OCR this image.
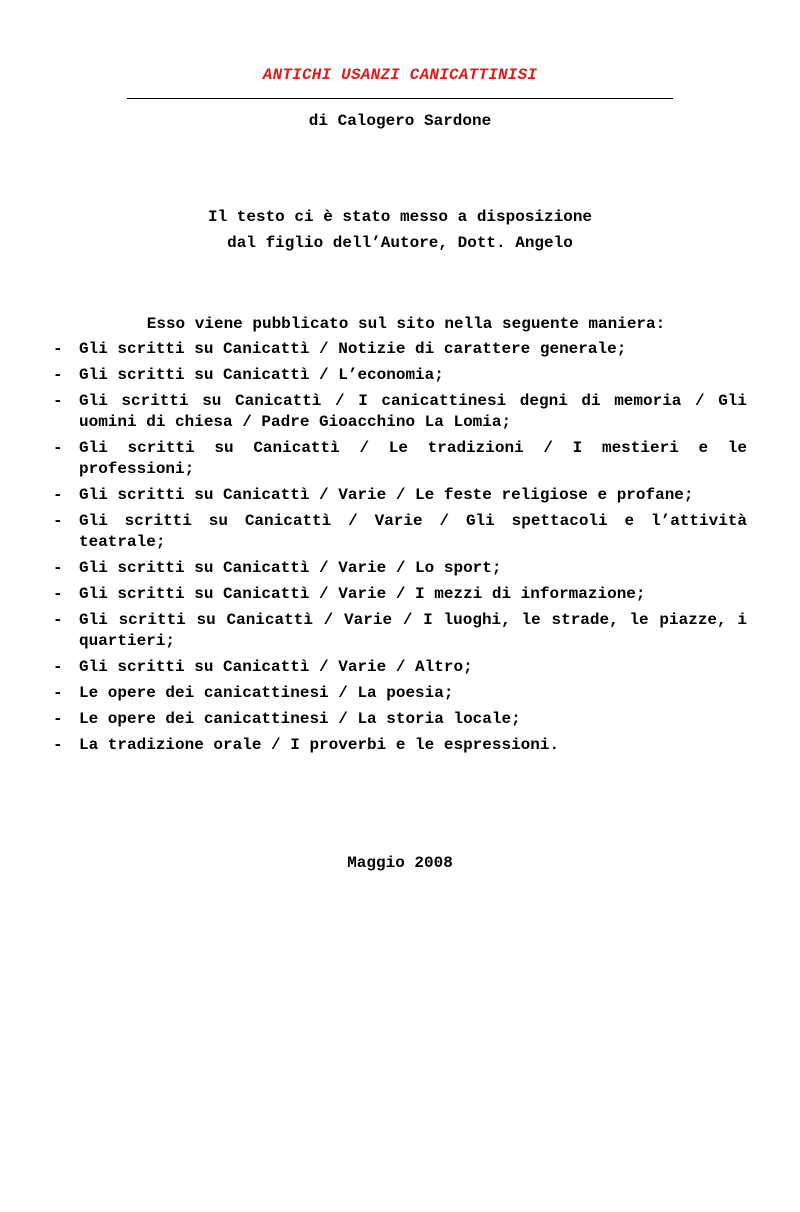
ANTICHI USANZI CANICATTINISI
di Calogero Sardone
Il testo ci è stato messo a disposizione
dal figlio dell’Autore, Dott. Angelo
Esso viene pubblicato sul sito nella seguente maniera:
- Gli scritti su Canicattì / Notizie di carattere generale;
- Gli scritti su Canicattì / L’economia;
- Gli scritti su Canicattì / I canicattinesi degni di memoria / Gli uomini di chiesa / Padre Gioacchino La Lomia;
- Gli scritti su Canicattì / Le tradizioni / I mestieri e le professioni;
- Gli scritti su Canicattì / Varie / Le feste religiose e profane;
- Gli scritti su Canicattì / Varie / Gli spettacoli e l’attività teatrale;
- Gli scritti su Canicattì / Varie / Lo sport;
- Gli scritti su Canicattì / Varie / I mezzi di informazione;
- Gli scritti su Canicattì / Varie / I luoghi, le strade, le piazze, i quartieri;
- Gli scritti su Canicattì / Varie / Altro;
- Le opere dei canicattinesi / La poesia;
- Le opere dei canicattinesi / La storia locale;
- La tradizione orale / I proverbi e le espressioni.
Maggio 2008
